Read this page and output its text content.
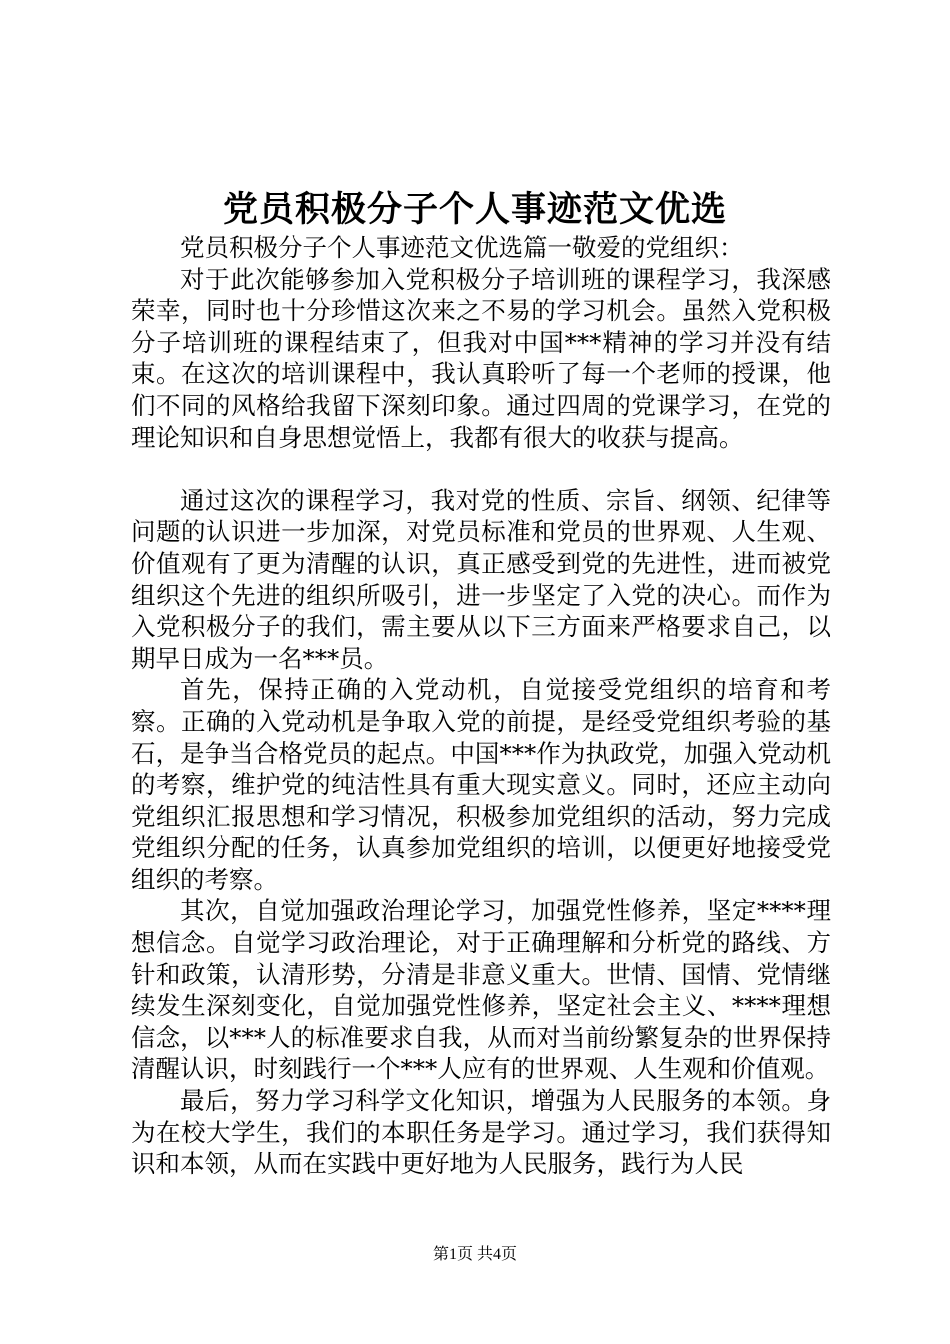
党员积极分子个人事迹范文优选

党员积极分子个人事迹范文优选篇一敬爱的党组织：

对于此次能够参加入党积极分子培训班的课程学习，我深感荣幸，同时也十分珍惜这次来之不易的学习机会。虽然入党积极分子培训班的课程结束了，但我对中国***精神的学习并没有结束。在这次的培训课程中，我认真聆听了每一个老师的授课，他们不同的风格给我留下深刻印象。通过四周的党课学习，在党的理论知识和自身思想觉悟上，我都有很大的收获与提高。

通过这次的课程学习，我对党的性质、宗旨、纲领、纪律等问题的认识进一步加深，对党员标准和党员的世界观、人生观、价值观有了更为清醒的认识，真正感受到党的先进性，进而被党组织这个先进的组织所吸引，进一步坚定了入党的决心。而作为入党积极分子的我们，需主要从以下三方面来严格要求自己，以期早日成为一名***员。

首先，保持正确的入党动机，自觉接受党组织的培育和考察。正确的入党动机是争取入党的前提，是经受党组织考验的基石，是争当合格党员的起点。中国***作为执政党，加强入党动机的考察，维护党的纯洁性具有重大现实意义。同时，还应主动向党组织汇报思想和学习情况，积极参加党组织的活动，努力完成党组织分配的任务，认真参加党组织的培训，以便更好地接受党组织的考察。

其次，自觉加强政治理论学习，加强党性修养，坚定****理想信念。自觉学习政治理论，对于正确理解和分析党的路线、方针和政策，认清形势，分清是非意义重大。世情、国情、党情继续发生深刻变化，自觉加强党性修养，坚定社会主义、****理想信念，以***人的标准要求自我，从而对当前纷繁复杂的世界保持清醒认识，时刻践行一个***人应有的世界观、人生观和价值观。

最后，努力学习科学文化知识，增强为人民服务的本领。身为在校大学生，我们的本职任务是学习。通过学习，我们获得知识和本领，从而在实践中更好地为人民服务，践行为人民

第1页 共4页
